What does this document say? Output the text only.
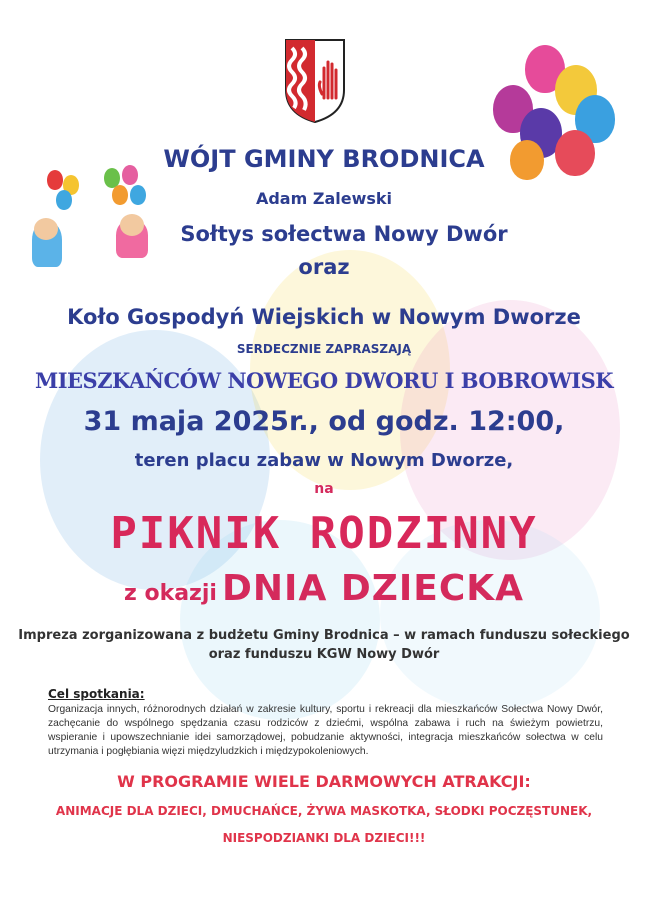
WÓJT GMINY BRODNICA
Adam Zalewski
Sołtys sołectwa Nowy Dwór
oraz
Koło Gospodyń Wiejskich w Nowym Dworze
SERDECZNIE ZAPRASZAJĄ
MIESZKAŃCÓW NOWEGO DWORU I BOBROWISK
31 maja 2025r., od godz. 12:00,
teren placu zabaw w Nowym Dworze,
na
PIKNIK RODZINNY
z okazji DNIA DZIECKA
Impreza zorganizowana z budżetu Gminy Brodnica – w ramach funduszu sołeckiego
oraz funduszu KGW Nowy Dwór
Cel spotkania:
Organizacja innych, różnorodnych działań w zakresie kultury, sportu i rekreacji dla mieszkańców Sołectwa Nowy Dwór, zachęcanie do wspólnego spędzania czasu rodziców z dziećmi, wspólna zabawa i ruch na świeżym powietrzu, wspieranie i upowszechnianie idei samorządowej, pobudzanie aktywności, integracja mieszkańców sołectwa w celu utrzymania i pogłębiania więzi międzyludzkich i międzypokoleniowych.
W PROGRAMIE WIELE DARMOWYCH ATRAKCJI:
ANIMACJE DLA DZIECI, DMUCHAŃCE, ŻYWA MASKOTKA, SŁODKI POCZĘSTUNEK,
NIESPODZIANKI DLA DZIECI!!!
